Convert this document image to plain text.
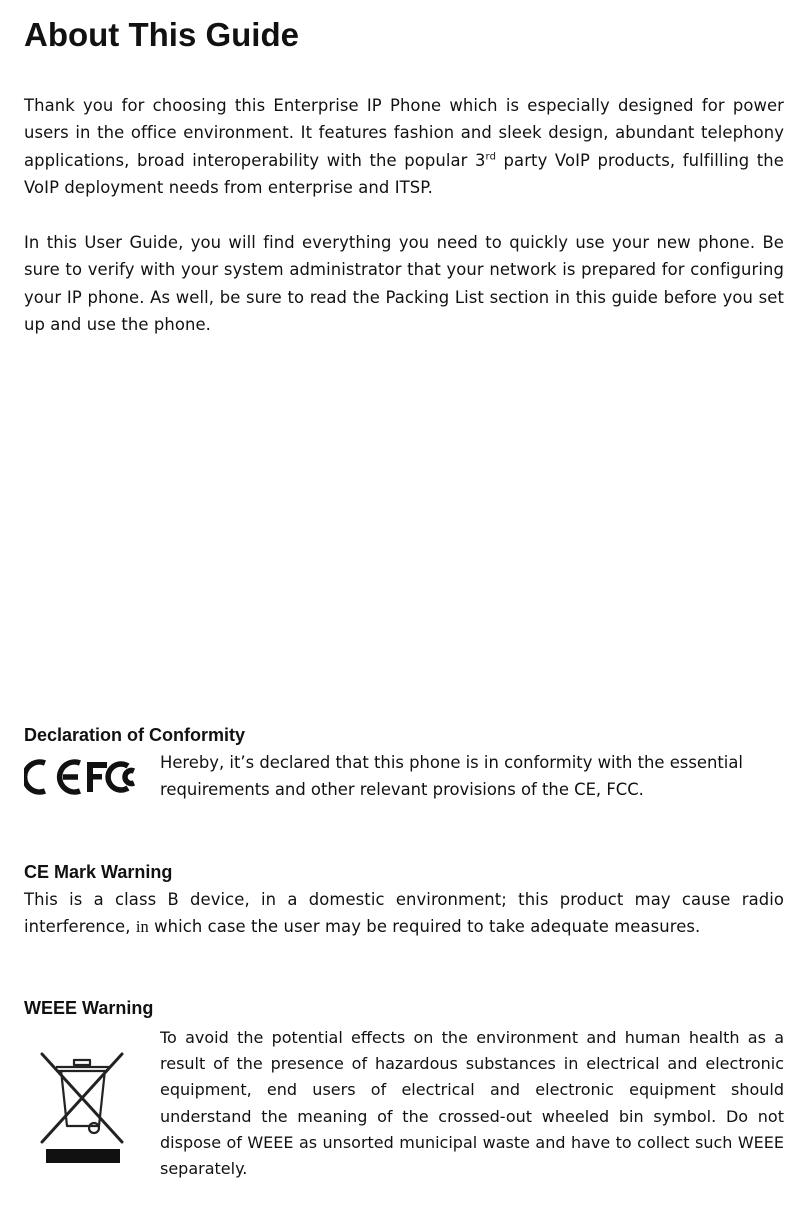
About This Guide

Thank you for choosing this Enterprise IP Phone which is especially designed for power users in the office environment. It features fashion and sleek design, abundant telephony applications, broad interoperability with the popular 3rd party VoIP products, fulfilling the VoIP deployment needs from enterprise and ITSP.

In this User Guide, you will find everything you need to quickly use your new phone. Be sure to verify with your system administrator that your network is prepared for configuring your IP phone. As well, be sure to read the Packing List section in this guide before you set up and use the phone.

Declaration of Conformity

Hereby, it’s declared that this phone is in conformity with the essential requirements and other relevant provisions of the CE, FCC.

CE Mark Warning

This is a class B device, in a domestic environment; this product may cause radio interference, in which case the user may be required to take adequate measures.

WEEE Warning

To avoid the potential effects on the environment and human health as a result of the presence of hazardous substances in electrical and electronic equipment, end users of electrical and electronic equipment should understand the meaning of the crossed-out wheeled bin symbol. Do not dispose of WEEE as unsorted municipal waste and have to collect such WEEE separately.
